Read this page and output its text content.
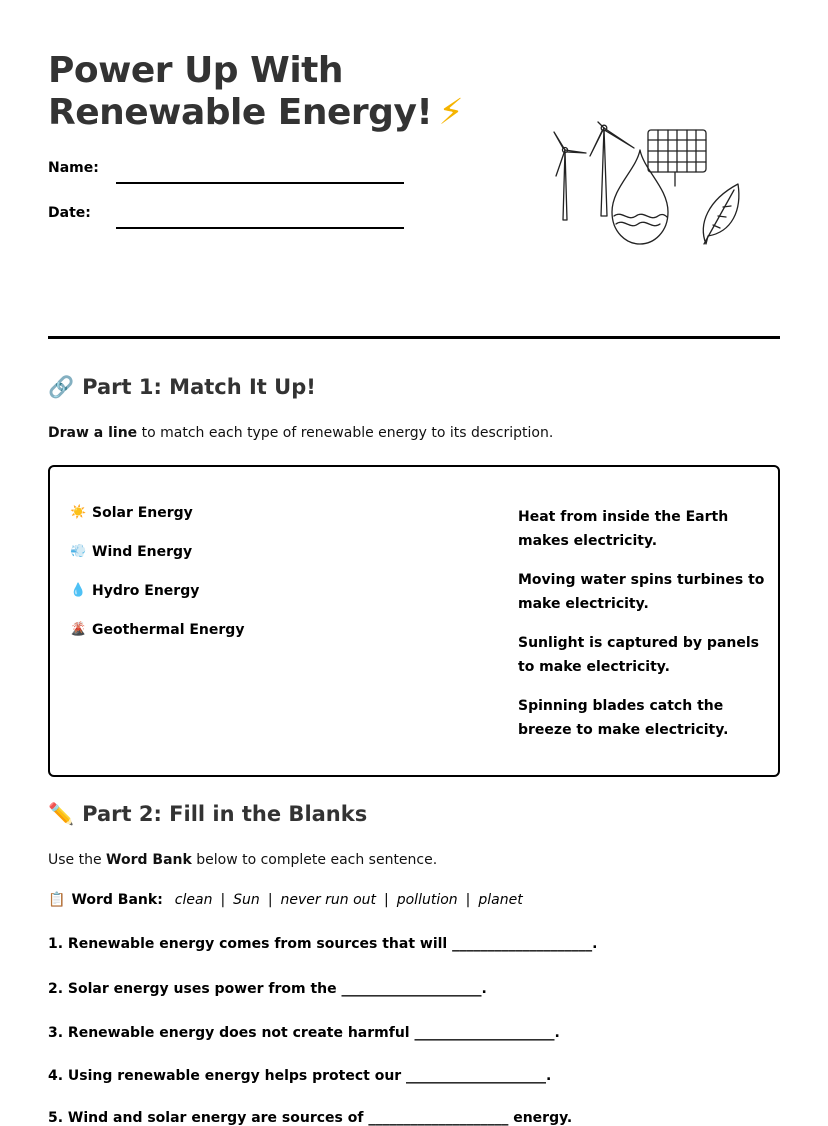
Power Up With
Renewable Energy! ⚡
Name:
Date:
🔗 Part 1: Match It Up!
Draw a line to match each type of renewable energy to its description.
☀️ Solar Energy
💨 Wind Energy
💧 Hydro Energy
🌋 Geothermal Energy
Heat from inside the Earth makes electricity.
Moving water spins turbines to make electricity.
Sunlight is captured by panels to make electricity.
Spinning blades catch the breeze to make electricity.
✏️ Part 2: Fill in the Blanks
Use the Word Bank below to complete each sentence.
📋 Word Bank: clean | Sun | never run out | pollution | planet
1. Renewable energy comes from sources that will ____________________.
2. Solar energy uses power from the ____________________.
3. Renewable energy does not create harmful ____________________.
4. Using renewable energy helps protect our ____________________.
5. Wind and solar energy are sources of ____________________ energy.
